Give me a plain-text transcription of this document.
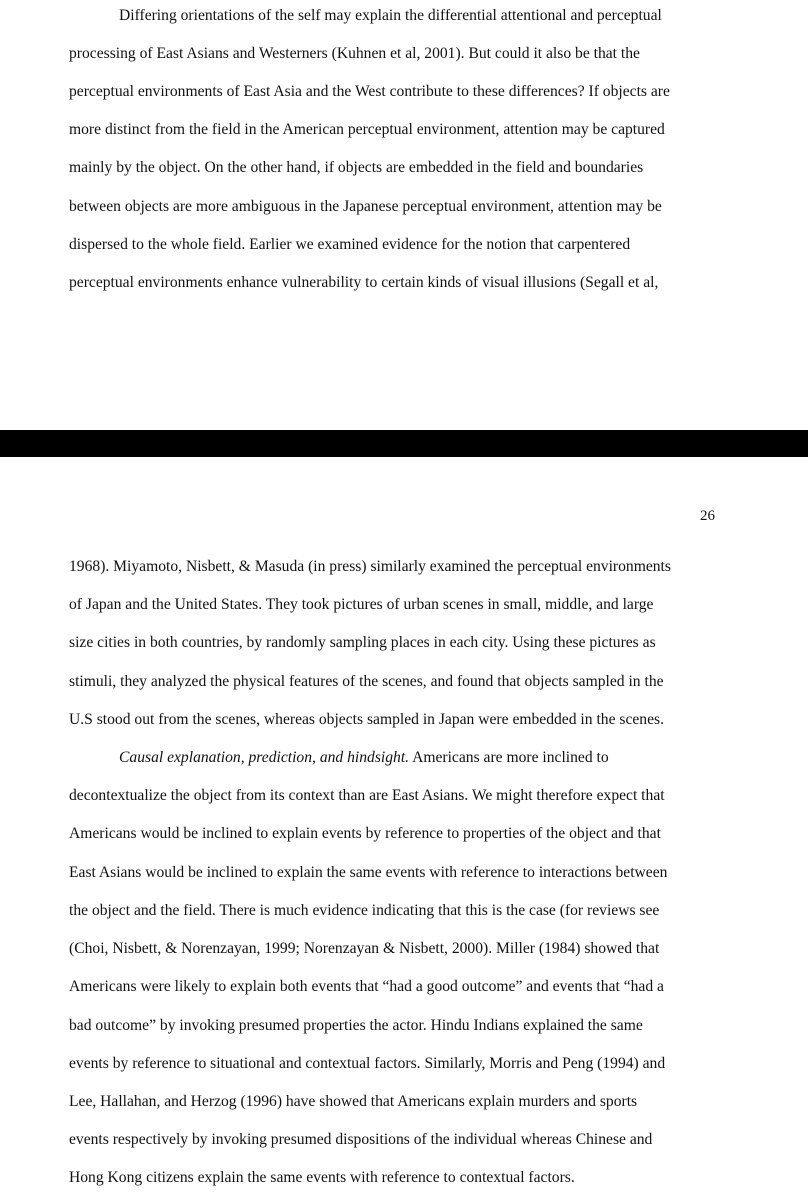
Differing orientations of the self may explain the differential attentional and perceptual
processing of East Asians and Westerners (Kuhnen et al, 2001). But could it also be that the
perceptual environments of East Asia and the West contribute to these differences? If objects are
more distinct from the field in the American perceptual environment, attention may be captured
mainly by the object. On the other hand, if objects are embedded in the field and boundaries
between objects are more ambiguous in the Japanese perceptual environment, attention may be
dispersed to the whole field. Earlier we examined evidence for the notion that carpentered
perceptual environments enhance vulnerability to certain kinds of visual illusions (Segall et al,
26
1968). Miyamoto, Nisbett, & Masuda (in press) similarly examined the perceptual environments
of Japan and the United States. They took pictures of urban scenes in small, middle, and large
size cities in both countries, by randomly sampling places in each city. Using these pictures as
stimuli, they analyzed the physical features of the scenes, and found that objects sampled in the
U.S stood out from the scenes, whereas objects sampled in Japan were embedded in the scenes.
Causal explanation, prediction, and hindsight. Americans are more inclined to
decontextualize the object from its context than are East Asians. We might therefore expect that
Americans would be inclined to explain events by reference to properties of the object and that
East Asians would be inclined to explain the same events with reference to interactions between
the object and the field. There is much evidence indicating that this is the case (for reviews see
(Choi, Nisbett, & Norenzayan, 1999; Norenzayan & Nisbett, 2000). Miller (1984) showed that
Americans were likely to explain both events that “had a good outcome” and events that “had a
bad outcome” by invoking presumed properties the actor. Hindu Indians explained the same
events by reference to situational and contextual factors. Similarly, Morris and Peng (1994) and
Lee, Hallahan, and Herzog (1996) have showed that Americans explain murders and sports
events respectively by invoking presumed dispositions of the individual whereas Chinese and
Hong Kong citizens explain the same events with reference to contextual factors.
